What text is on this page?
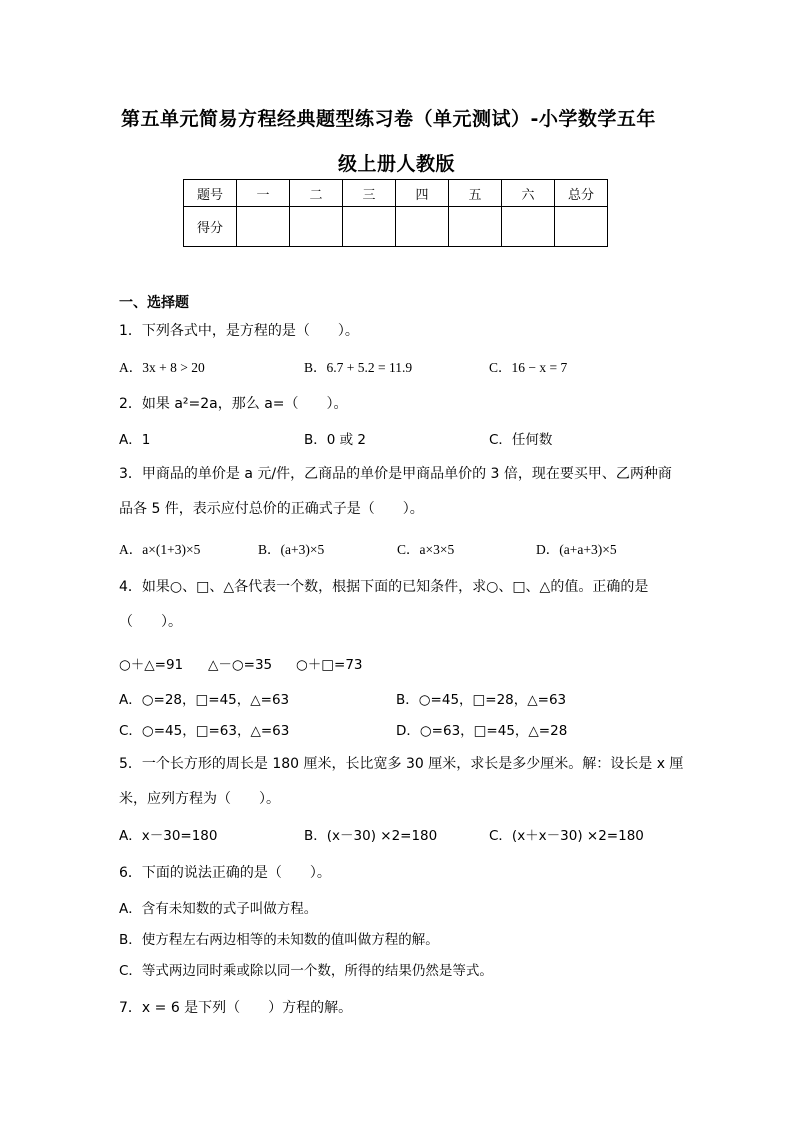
第五单元简易方程经典题型练习卷（单元测试）-小学数学五年
级上册人教版
题号	一	二	三	四	五	六	总分
得分							
一、选择题
1．下列各式中，是方程的是（　　）。
A．3x + 8 > 20	B．6.7 + 5.2 = 11.9	C．16 − x = 7
2．如果 a²=2a，那么 a=（　　）。
A．1	B．0 或 2	C．任何数
3．甲商品的单价是 a 元/件，乙商品的单价是甲商品单价的 3 倍，现在要买甲、乙两种商
品各 5 件，表示应付总价的正确式子是（　　）。
A．a×(1+3)×5	B．(a+3)×5	C．a×3×5	D．(a+a+3)×5
4．如果○、□、△各代表一个数，根据下面的已知条件，求○、□、△的值。正确的是
（　　）。
○＋△=91 △－○=35 ○＋□=73
A．○=28，□=45，△=63	B．○=45，□=28，△=63
C．○=45，□=63，△=63	D．○=63，□=45，△=28
5．一个长方形的周长是 180 厘米，长比宽多 30 厘米，求长是多少厘米。解：设长是 x 厘
米，应列方程为（　　）。
A．x－30=180	B．(x－30) ×2=180	C．(x＋x－30) ×2=180
6．下面的说法正确的是（　　）。
A．含有未知数的式子叫做方程。
B．使方程左右两边相等的未知数的值叫做方程的解。
C．等式两边同时乘或除以同一个数，所得的结果仍然是等式。
7．x = 6 是下列（　　）方程的解。
